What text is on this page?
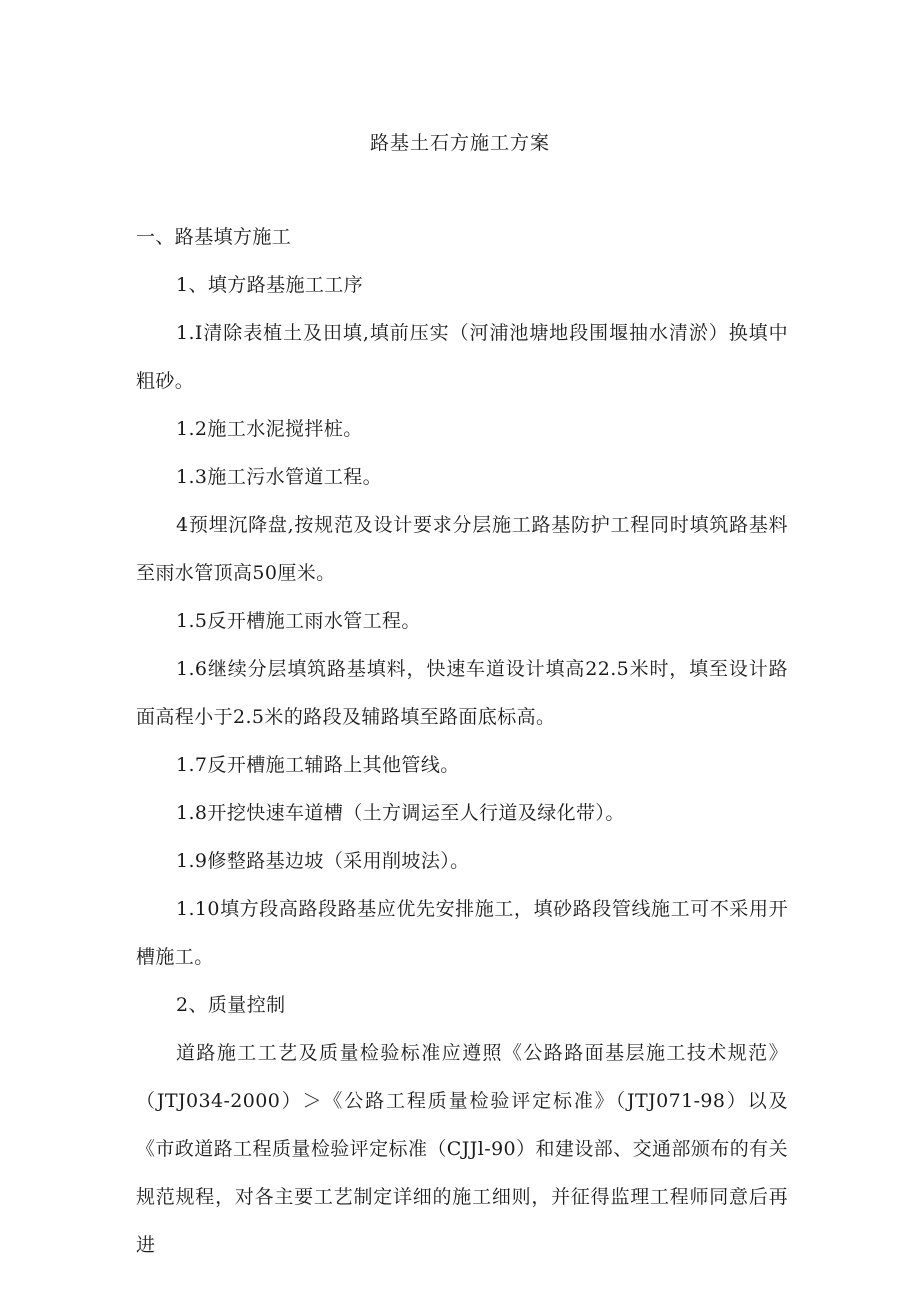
路基土石方施工方案

一、路基填方施工

1、填方路基施工工序

1.I清除表植土及田填,填前压实（河浦池塘地段围堰抽水清淤）换填中粗砂。

1.2施工水泥搅拌桩。

1.3施工污水管道工程。

4预埋沉降盘,按规范及设计要求分层施工路基防护工程同时填筑路基料至雨水管顶高50厘米。

1.5反开槽施工雨水管工程。

1.6继续分层填筑路基填料，快速车道设计填高22.5米时，填至设计路面高程小于2.5米的路段及辅路填至路面底标高。

1.7反开槽施工辅路上其他管线。

1.8开挖快速车道槽（土方调运至人行道及绿化带）。

1.9修整路基边坡（采用削坡法）。

1.10填方段高路段路基应优先安排施工，填砂路段管线施工可不采用开槽施工。

2、质量控制

道路施工工艺及质量检验标准应遵照《公路路面基层施工技术规范》（JTJ034-2000）＞《公路工程质量检验评定标准》（JTJ071-98）以及《市政道路工程质量检验评定标准（CJJl-90）和建设部、交通部颁布的有关规范规程，对各主要工艺制定详细的施工细则，并征得监理工程师同意后再进
